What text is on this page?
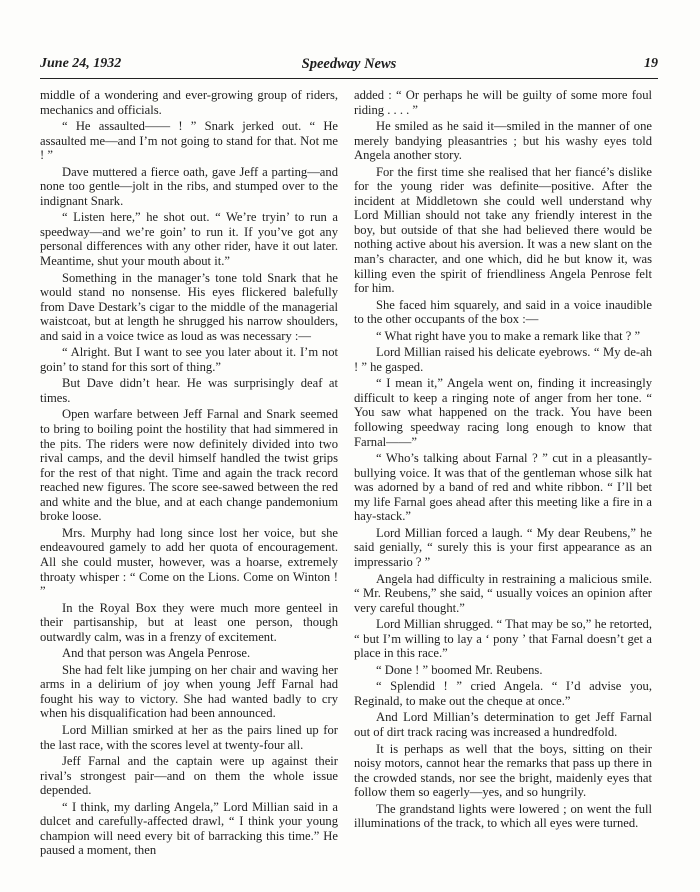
June 24, 1932	Speedway News	19

middle of a wondering and ever-growing group of riders, mechanics and officials.

“ He assaulted—— ! ” Snark jerked out. “ He assaulted me—and I’m not going to stand for that. Not me ! ”

Dave muttered a fierce oath, gave Jeff a parting—and none too gentle—jolt in the ribs, and stumped over to the indignant Snark.

“ Listen here,” he shot out. “ We’re tryin’ to run a speedway—and we’re goin’ to run it. If you’ve got any personal differences with any other rider, have it out later. Meantime, shut your mouth about it.”

Something in the manager’s tone told Snark that he would stand no nonsense. His eyes flickered balefully from Dave Destark’s cigar to the middle of the managerial waistcoat, but at length he shrugged his narrow shoulders, and said in a voice twice as loud as was necessary :—

“ Alright. But I want to see you later about it. I’m not goin’ to stand for this sort of thing.”

But Dave didn’t hear. He was surprisingly deaf at times.

Open warfare between Jeff Farnal and Snark seemed to bring to boiling point the hostility that had simmered in the pits. The riders were now definitely divided into two rival camps, and the devil himself handled the twist grips for the rest of that night. Time and again the track record reached new figures. The score see-sawed between the red and white and the blue, and at each change pandemonium broke loose.

Mrs. Murphy had long since lost her voice, but she endeavoured gamely to add her quota of encouragement. All she could muster, however, was a hoarse, extremely throaty whisper : “ Come on the Lions. Come on Winton ! ”

In the Royal Box they were much more genteel in their partisanship, but at least one person, though outwardly calm, was in a frenzy of excitement.

And that person was Angela Penrose.

She had felt like jumping on her chair and waving her arms in a delirium of joy when young Jeff Farnal had fought his way to victory. She had wanted badly to cry when his disqualification had been announced.

Lord Millian smirked at her as the pairs lined up for the last race, with the scores level at twenty-four all.

Jeff Farnal and the captain were up against their rival’s strongest pair—and on them the whole issue depended.

“ I think, my darling Angela,” Lord Millian said in a dulcet and carefully-affected drawl, “ I think your young champion will need every bit of barracking this time.” He paused a moment, then

added : “ Or perhaps he will be guilty of some more foul riding . . . . ”

He smiled as he said it—smiled in the manner of one merely bandying pleasantries ; but his washy eyes told Angela another story.

For the first time she realised that her fiancé’s dislike for the young rider was definite—positive. After the incident at Middletown she could well understand why Lord Millian should not take any friendly interest in the boy, but outside of that she had believed there would be nothing active about his aversion. It was a new slant on the man’s character, and one which, did he but know it, was killing even the spirit of friendliness Angela Penrose felt for him.

She faced him squarely, and said in a voice inaudible to the other occupants of the box :—

“ What right have you to make a remark like that ? ”

Lord Millian raised his delicate eyebrows. “ My de-ah ! ” he gasped.

“ I mean it,” Angela went on, finding it increasingly difficult to keep a ringing note of anger from her tone. “ You saw what happened on the track. You have been following speedway racing long enough to know that Farnal——”

“ Who’s talking about Farnal ? ” cut in a pleasantly-bullying voice. It was that of the gentleman whose silk hat was adorned by a band of red and white ribbon. “ I’ll bet my life Farnal goes ahead after this meeting like a fire in a hay-stack.”

Lord Millian forced a laugh. “ My dear Reubens,” he said genially, “ surely this is your first appearance as an impressario ? ”

Angela had difficulty in restraining a malicious smile. “ Mr. Reubens,” she said, “ usually voices an opinion after very careful thought.”

Lord Millian shrugged. “ That may be so,” he retorted, “ but I’m willing to lay a ‘ pony ’ that Farnal doesn’t get a place in this race.”

“ Done ! ” boomed Mr. Reubens.

“ Splendid ! ” cried Angela. “ I’d advise you, Reginald, to make out the cheque at once.”

And Lord Millian’s determination to get Jeff Farnal out of dirt track racing was increased a hundredfold.

It is perhaps as well that the boys, sitting on their noisy motors, cannot hear the remarks that pass up there in the crowded stands, nor see the bright, maidenly eyes that follow them so eagerly—yes, and so hungrily.

The grandstand lights were lowered ; on went the full illuminations of the track, to which all eyes were turned.
